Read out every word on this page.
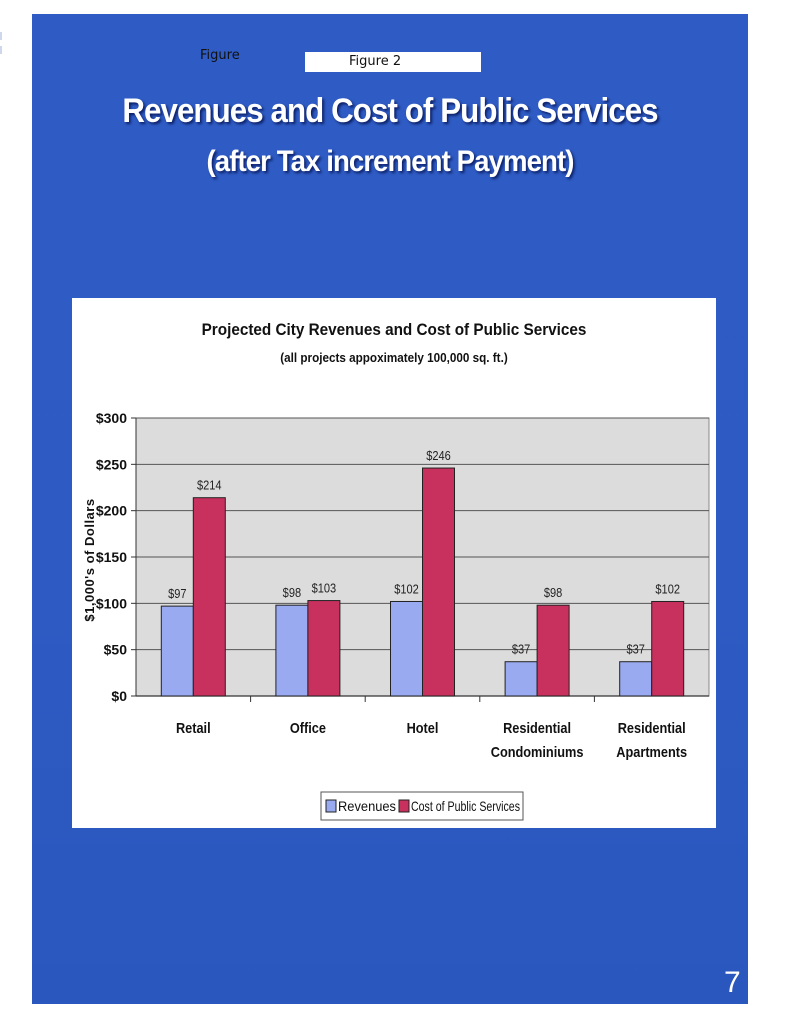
Figure	Figure 2
Revenues and Cost of Public Services
(after Tax increment Payment)
Projected City Revenues and Cost of Public Services
(all projects appoximately 100,000 sq. ft.)
$0
$50
$100
$150
$200
$250
$300
$1,000's of Dollars	$97
$214
Retail
$98 $103
Office
$102
$246
Hotel
$37
$98
Residential
Condominiums
$37
$102
Residential
Apartments
Revenues Cost of Public Services
7
